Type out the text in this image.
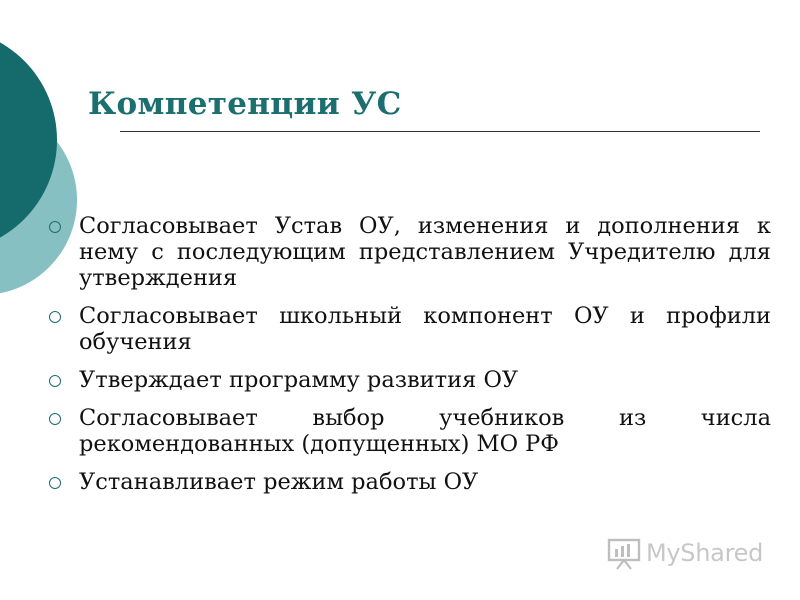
Компетенции УС
Согласовывает Устав ОУ, изменения и дополнения к нему с последующим представлением Учредителю для утверждения
Согласовывает школьный компонент ОУ и профили обучения
Утверждает программу развития ОУ
Согласовывает выбор учебников из числа рекомендованных (допущенных) МО РФ
Устанавливает режим работы ОУ
MyShared
